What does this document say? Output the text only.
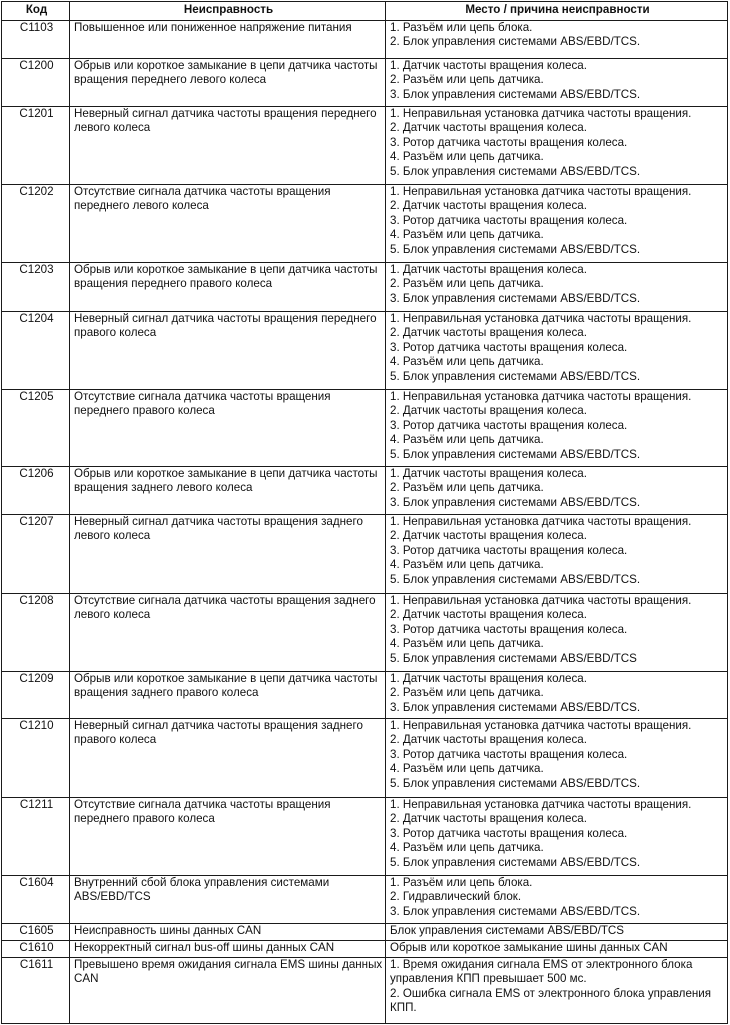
Код	Неисправность	Место / причина неисправности
C1103	Повышенное или пониженное напряжение питания	1. Разъём или цепь блока.
2. Блок управления системами ABS/EBD/TCS.

C1200	Обрыв или короткое замыкание в цепи датчика частоты вращения переднего левого колеса	1. Датчик частоты вращения колеса.
2. Разъём или цепь датчика.
3. Блок управления системами ABS/EBD/TCS.

C1201	Неверный сигнал датчика частоты вращения переднего левого колеса	1. Неправильная установка датчика частоты вращения.
2. Датчик частоты вращения колеса.
3. Ротор датчика частоты вращения колеса.
4. Разъём или цепь датчика.
5. Блок управления системами ABS/EBD/TCS.

C1202	Отсутствие сигнала датчика частоты вращения переднего левого колеса	1. Неправильная установка датчика частоты вращения.
2. Датчик частоты вращения колеса.
3. Ротор датчика частоты вращения колеса.
4. Разъём или цепь датчика.
5. Блок управления системами ABS/EBD/TCS.

C1203	Обрыв или короткое замыкание в цепи датчика частоты вращения переднего правого колеса	1. Датчик частоты вращения колеса.
2. Разъём или цепь датчика.
3. Блок управления системами ABS/EBD/TCS.

C1204	Неверный сигнал датчика частоты вращения переднего правого колеса	1. Неправильная установка датчика частоты вращения.
2. Датчик частоты вращения колеса.
3. Ротор датчика частоты вращения колеса.
4. Разъём или цепь датчика.
5. Блок управления системами ABS/EBD/TCS.

C1205	Отсутствие сигнала датчика частоты вращения переднего правого колеса	1. Неправильная установка датчика частоты вращения.
2. Датчик частоты вращения колеса.
3. Ротор датчика частоты вращения колеса.
4. Разъём или цепь датчика.
5. Блок управления системами ABS/EBD/TCS.

C1206	Обрыв или короткое замыкание в цепи датчика частоты вращения заднего левого колеса	1. Датчик частоты вращения колеса.
2. Разъём или цепь датчика.
3. Блок управления системами ABS/EBD/TCS.

C1207	Неверный сигнал датчика частоты вращения заднего левого колеса	1. Неправильная установка датчика частоты вращения.
2. Датчик частоты вращения колеса.
3. Ротор датчика частоты вращения колеса.
4. Разъём или цепь датчика.
5. Блок управления системами ABS/EBD/TCS.

C1208	Отсутствие сигнала датчика частоты вращения заднего левого колеса	1. Неправильная установка датчика частоты вращения.
2. Датчик частоты вращения колеса.
3. Ротор датчика частоты вращения колеса.
4. Разъём или цепь датчика.
5. Блок управления системами ABS/EBD/TCS

C1209	Обрыв или короткое замыкание в цепи датчика частоты вращения заднего правого колеса	1. Датчик частоты вращения колеса.
2. Разъём или цепь датчика.
3. Блок управления системами ABS/EBD/TCS.

C1210	Неверный сигнал датчика частоты вращения заднего правого колеса	1. Неправильная установка датчика частоты вращения.
2. Датчик частоты вращения колеса.
3. Ротор датчика частоты вращения колеса.
4. Разъём или цепь датчика.
5. Блок управления системами ABS/EBD/TCS.

C1211	Отсутствие сигнала датчика частоты вращения переднего правого колеса	1. Неправильная установка датчика частоты вращения.
2. Датчик частоты вращения колеса.
3. Ротор датчика частоты вращения колеса.
4. Разъём или цепь датчика.
5. Блок управления системами ABS/EBD/TCS.

C1604	Внутренний сбой блока управления системами ABS/EBD/TCS	1. Разъём или цепь блока.
2. Гидравлический блок.
3. Блок управления системами ABS/EBD/TCS.

C1605	Неисправность шины данных CAN	Блок управления системами ABS/EBD/TCS

C1610	Некорректный сигнал bus-off шины данных CAN	Обрыв или короткое замыкание шины данных CAN

C1611	Превышено время ожидания сигнала EMS шины данных CAN	1. Время ожидания сигнала EMS от электронного блока управления КПП превышает 500 мс.
2. Ошибка сигнала EMS от электронного блока управления КПП.
